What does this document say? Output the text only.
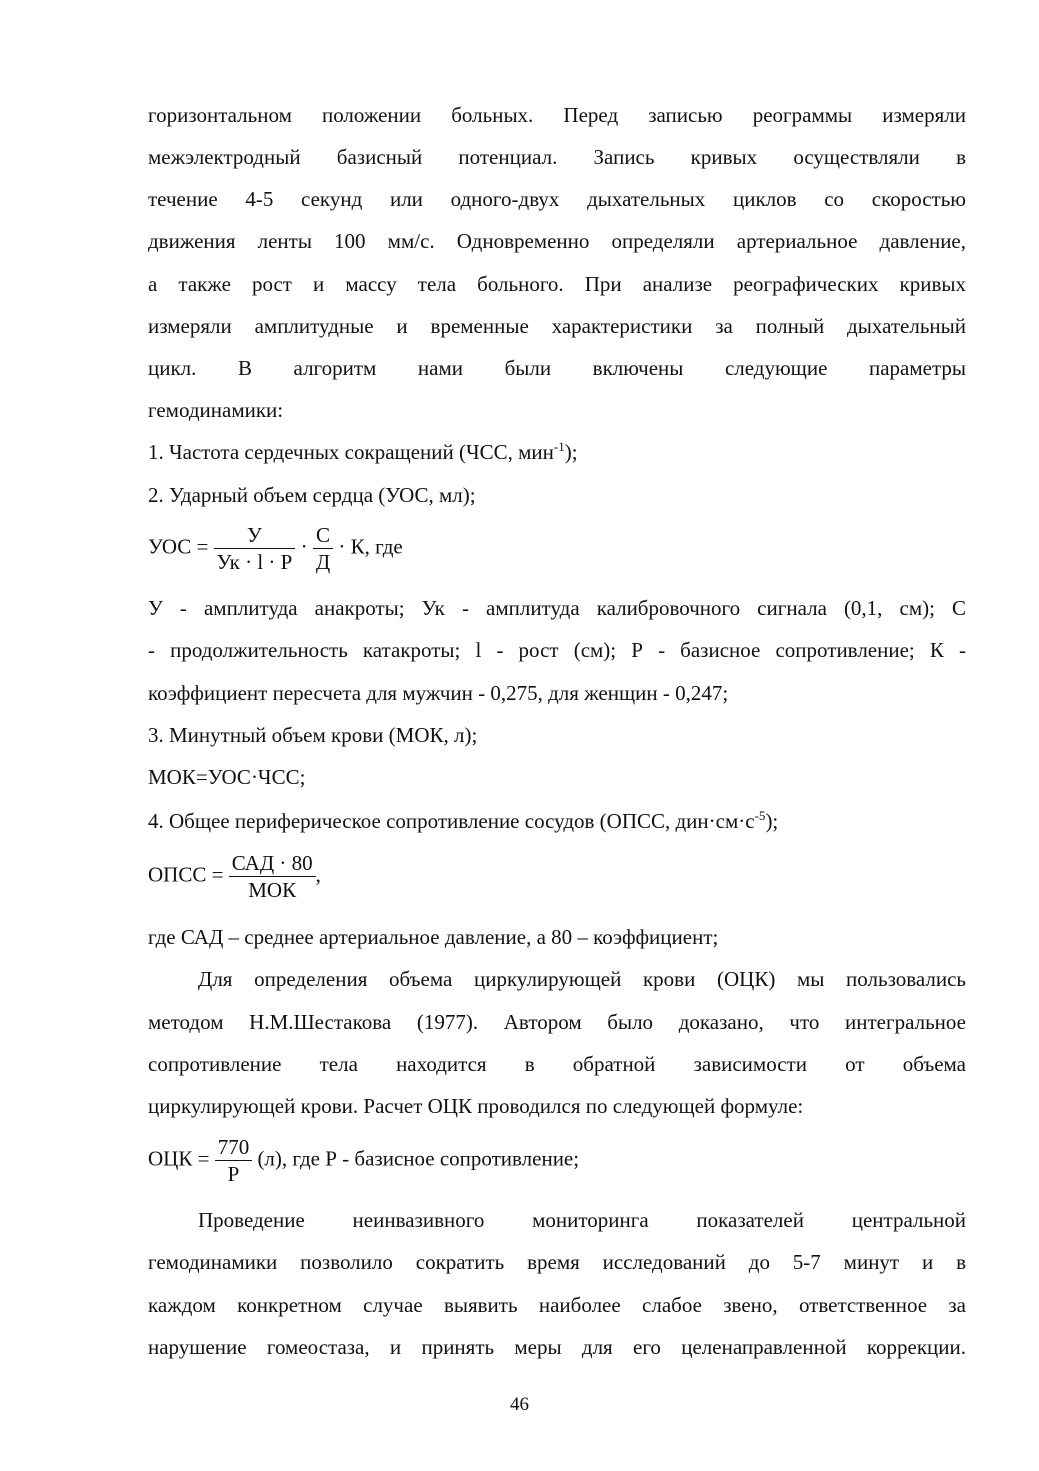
горизонтальном положении больных. Перед записью реограммы измеряли
межэлектродный базисный потенциал. Запись кривых осуществляли в
течение 4-5 секунд или одного-двух дыхательных циклов со скоростью
движения ленты 100 мм/с. Одновременно определяли артериальное давление,
а также рост и массу тела больного. При анализе реографических кривых
измеряли амплитудные и временные характеристики за полный дыхательный
цикл. В алгоритм нами были включены следующие параметры
гемодинамики:
1. Частота сердечных сокращений (ЧСС, мин$^{-1}$);
2. Ударный объем сердца (УОС, мл);
УОС = $\frac{У}{Ук \cdot l \cdot Р} \cdot \frac{С}{Д} \cdot К$, где
У - амплитуда анакроты; Ук - амплитуда калибровочного сигнала (0,1, см); С
- продолжительность катакроты; l - рост (см); Р - базисное сопротивление; К -
коэффициент пересчета для мужчин - 0,275, для женщин - 0,247;
3. Минутный объем крови (МОК, л);
МОК=УОС·ЧСС;
4. Общее периферическое сопротивление сосудов (ОПСС, $дин\cdot см\cdot с^{-5}$);
ОПСС = $\frac{\text{САД · 80}}{\text{МОК}}$ ,
где САД – среднее артериальное давление, а 80 – коэффициент;
Для определения объема циркулирующей крови (ОЦК) мы пользовались
методом Н.М.Шестакова (1977). Автором было доказано, что интегральное
сопротивление тела находится в обратной зависимости от объема
циркулирующей крови. Расчет ОЦК проводился по следующей формуле:
ОЦК = $\frac{770}{Р} (л)$, где Р - базисное сопротивление;
Проведение неинвазивного мониторинга показателей центральной
гемодинамики позволило сократить время исследований до 5-7 минут и в
каждом конкретном случае выявить наиболее слабое звено, ответственное за
нарушение гомеостаза, и принять меры для его целенаправленной коррекции.
46
